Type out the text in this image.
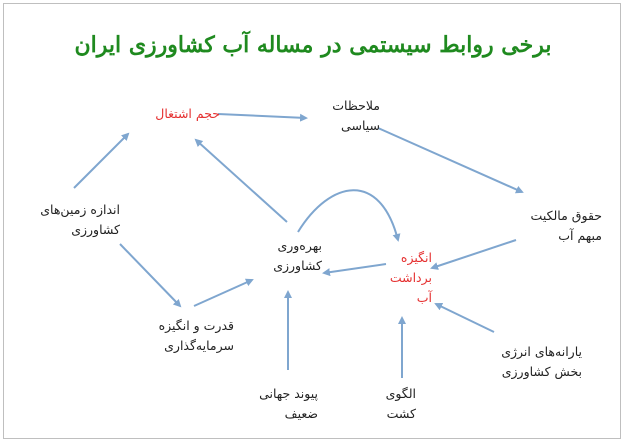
برخی روابط سیستمی در مساله آب کشاورزی ایران
حجم اشتغال
ملاحظات
سیاسی
حقوق مالکیت
مبهم آب
اندازه زمین‌های
کشاورزی
بهره‌وری
کشاورزی
انگیزه
برداشت
آب
قدرت و انگیزه
سرمایه‌گذاری	یارانه‌های انرژی
بخش کشاورزی
پیوند جهانی
ضعیف
الگوی
کشت
